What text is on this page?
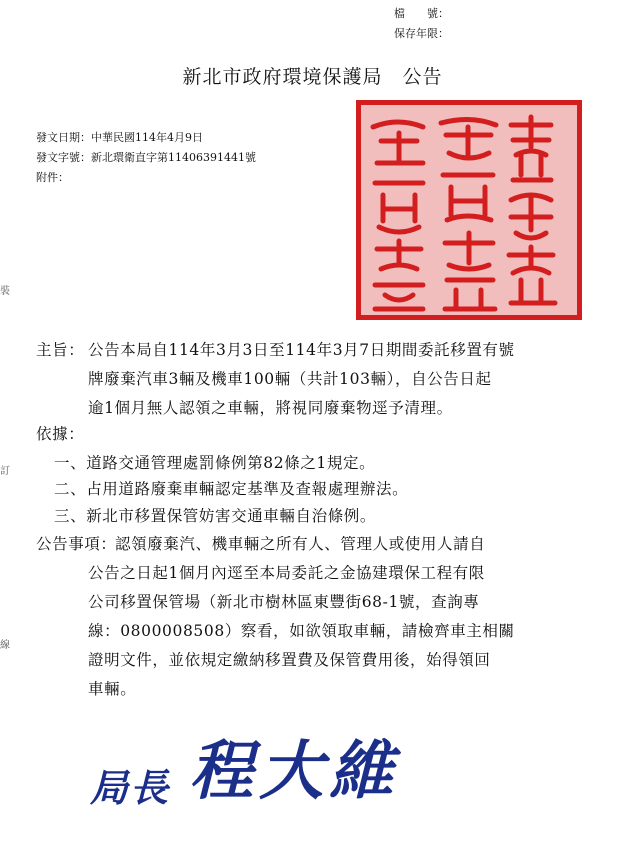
檔　　號：
保存年限：
新北市政府環境保護局　公告
發文日期：中華民國114年4月9日
發文字號：新北環衛直字第11406391441號
附件：
裝
訂
線
主旨： 公告本局自114年3月3日至114年3月7日期間委託移置有號
牌廢棄汽車3輛及機車100輛（共計103輛），自公告日起
逾1個月無人認領之車輛，將視同廢棄物逕予清理。
依據：
一、道路交通管理處罰條例第82條之1規定。
二、占用道路廢棄車輛認定基準及查報處理辦法。
三、新北市移置保管妨害交通車輛自治條例。
公告事項：
認領廢棄汽、機車輛之所有人、管理人或使用人請自
公告之日起1個月內逕至本局委託之金協建環保工程有限
公司移置保管場（新北市樹林區東豐街68-1號，查詢專
線：0800008508）察看，如欲領取車輛，請檢齊車主相關
證明文件，並依規定繳納移置費及保管費用後，始得領回
車輛。
局長 程大維
